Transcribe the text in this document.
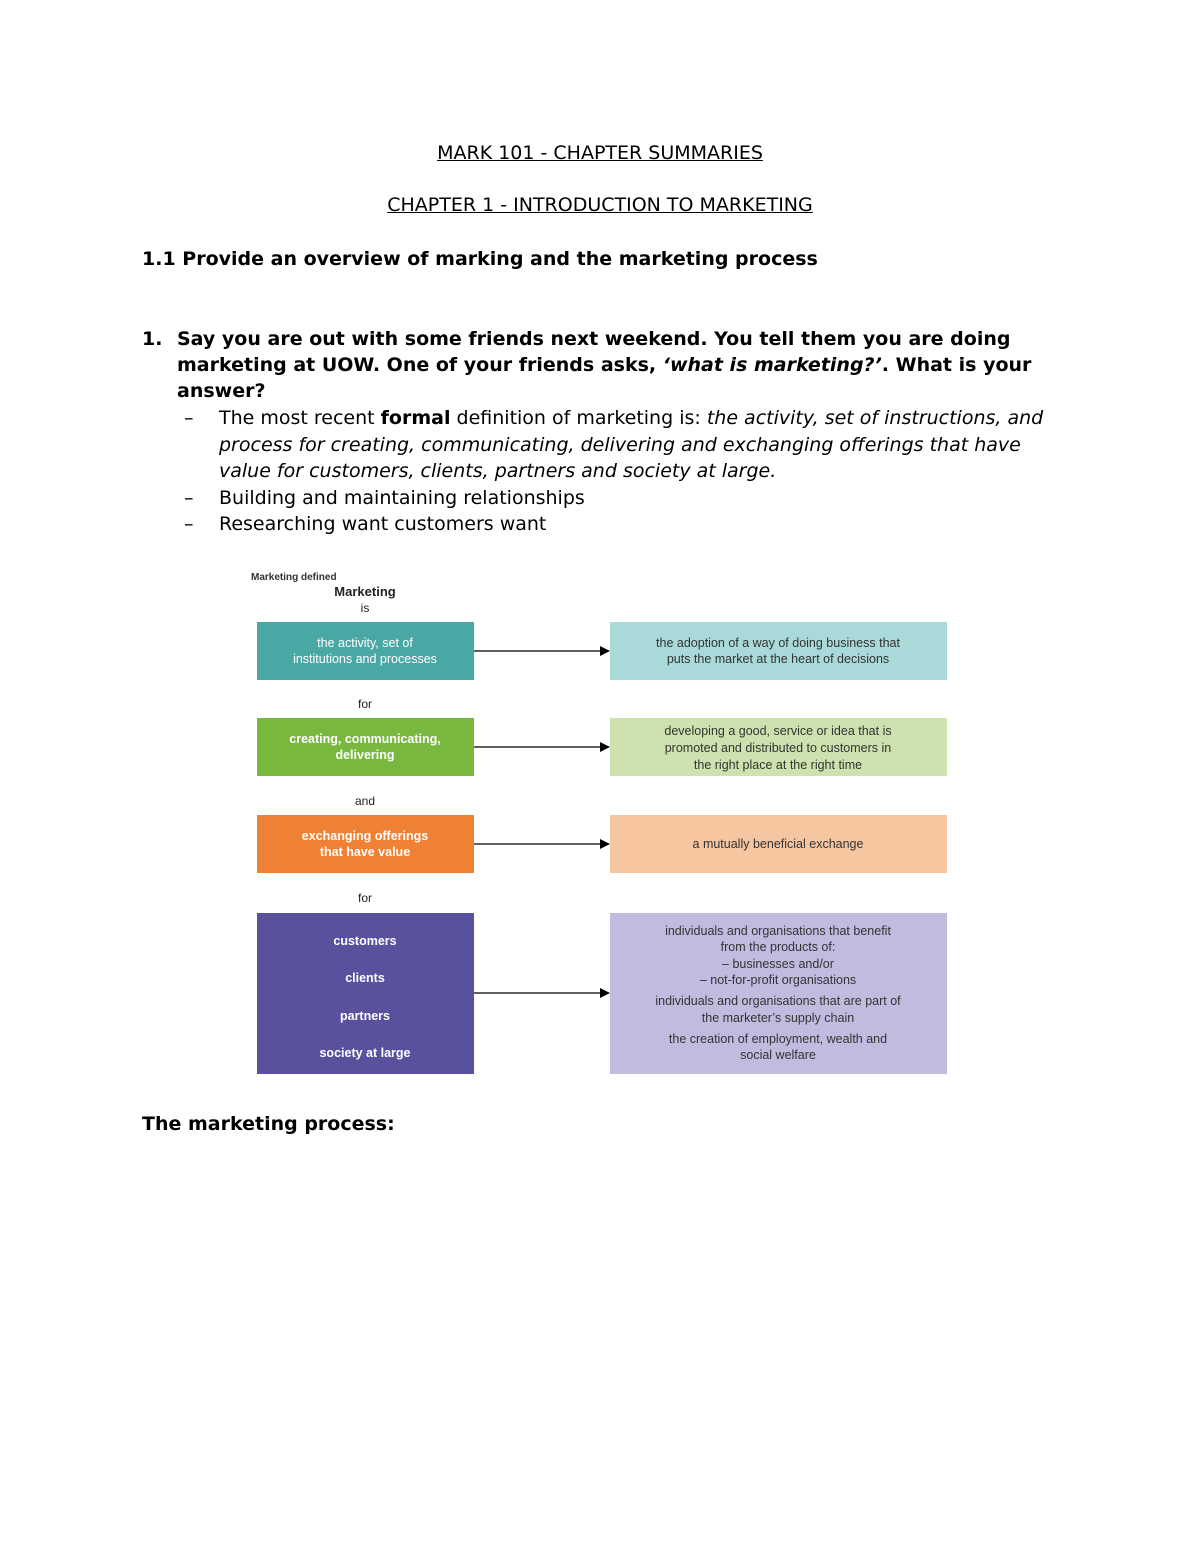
MARK 101 - CHAPTER SUMMARIES
CHAPTER 1 - INTRODUCTION TO MARKETING
1.1 Provide an overview of marking and the marketing process
1. Say you are out with some friends next weekend. You tell them you are doing marketing at UOW. One of your friends asks, ‘what is marketing?’. What is your answer?
– The most recent formal definition of marketing is: the activity, set of instructions, and process for creating, communicating, delivering and exchanging offerings that have value for customers, clients, partners and society at large.
– Building and maintaining relationships
– Researching want customers want
Marketing defined
Marketing
is
the activity, set of
institutions and processes
the adoption of a way of doing business that
puts the market at the heart of decisions
for
creating, communicating,
delivering
developing a good, service or idea that is
promoted and distributed to customers in
the right place at the right time
and
exchanging offerings
that have value
a mutually beneficial exchange
for
customers
clients
partners
society at large
individuals and organisations that benefit
from the products of:
– businesses and/or
– not-for-profit organisations
individuals and organisations that are part of
the marketer’s supply chain
the creation of employment, wealth and
social welfare
The marketing process:
